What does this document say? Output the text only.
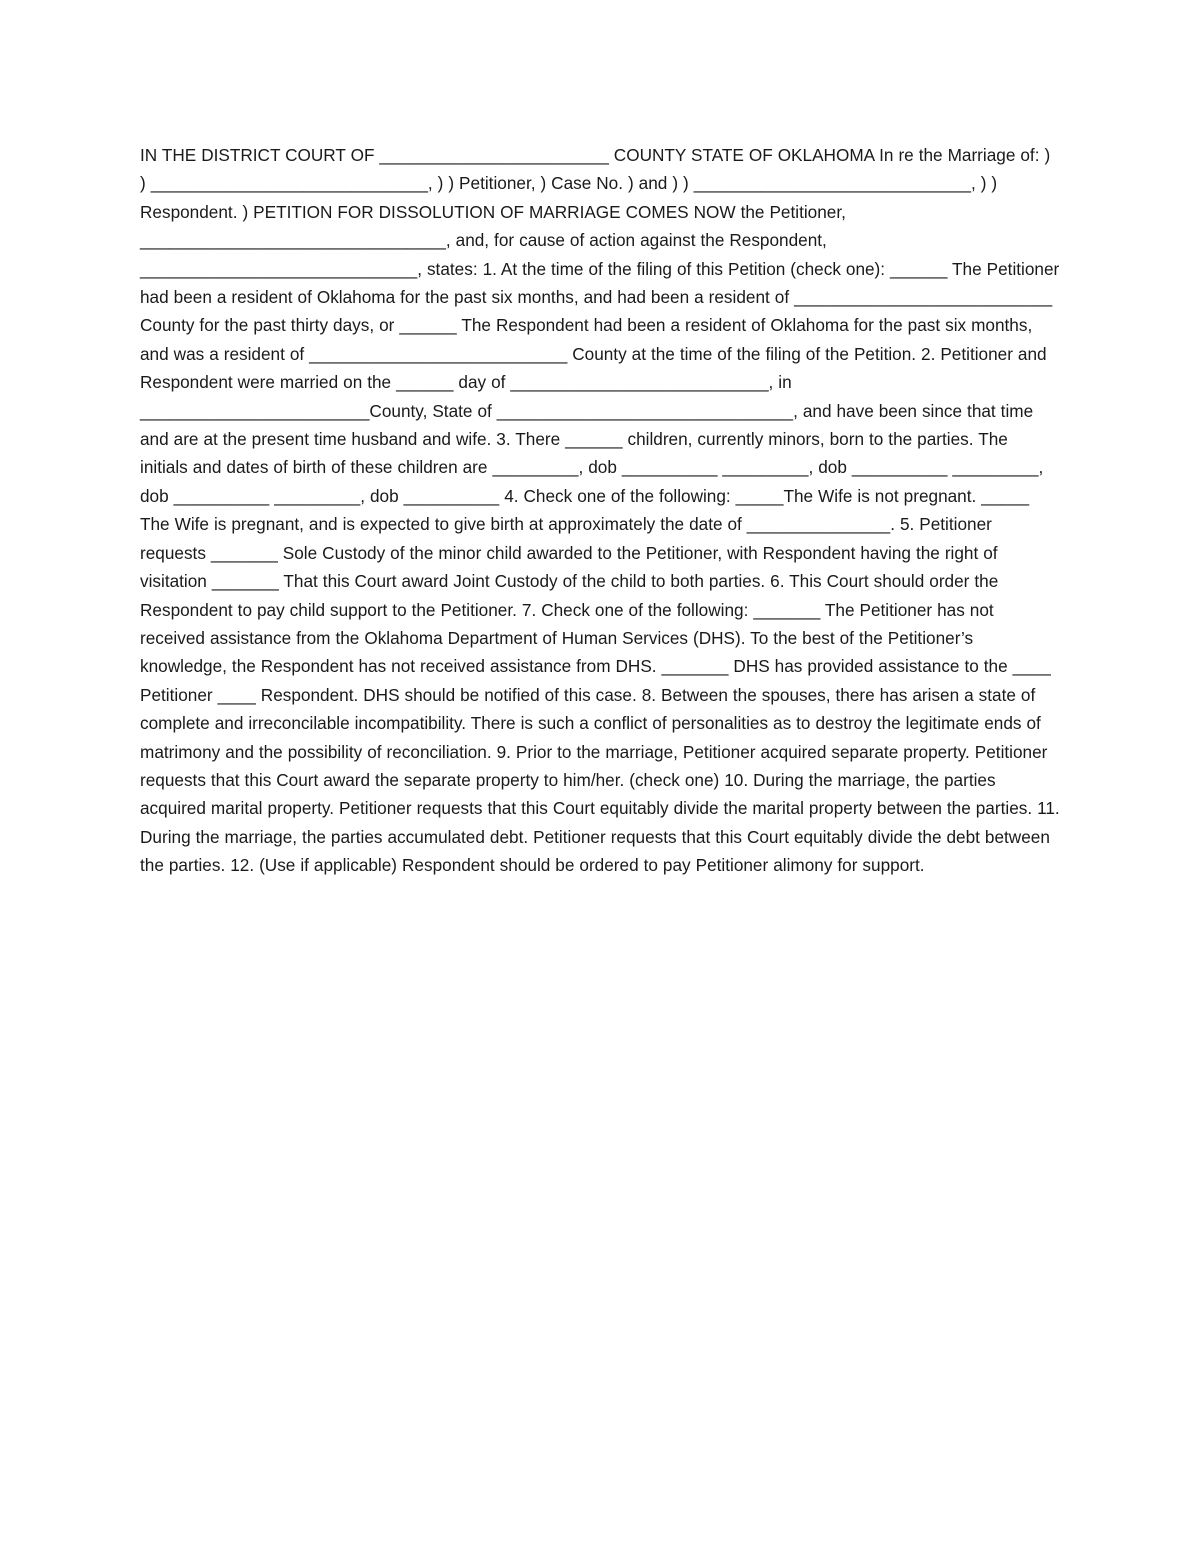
IN THE DISTRICT COURT OF ________________________ COUNTY STATE OF OKLAHOMA In re the Marriage of: ) ) _____________________________, ) ) Petitioner, ) Case No. ) and ) ) _____________________________, ) ) Respondent. ) PETITION FOR DISSOLUTION OF MARRIAGE COMES NOW the Petitioner, ________________________________, and, for cause of action against the Respondent, _____________________________, states: 1. At the time of the filing of this Petition (check one): ______ The Petitioner had been a resident of Oklahoma for the past six months, and had been a resident of ___________________________ County for the past thirty days, or ______ The Respondent had been a resident of Oklahoma for the past six months, and was a resident of ___________________________ County at the time of the filing of the Petition. 2. Petitioner and Respondent were married on the ______ day of ___________________________, in ________________________County, State of _______________________________, and have been since that time and are at the present time husband and wife. 3. There ______ children, currently minors, born to the parties. The initials and dates of birth of these children are _________, dob __________ _________, dob __________ _________, dob __________ _________, dob __________ 4. Check one of the following: _____The Wife is not pregnant. _____ The Wife is pregnant, and is expected to give birth at approximately the date of _______________. 5. Petitioner requests _______ Sole Custody of the minor child awarded to the Petitioner, with Respondent having the right of visitation _______ That this Court award Joint Custody of the child to both parties. 6. This Court should order the Respondent to pay child support to the Petitioner. 7. Check one of the following: _______ The Petitioner has not received assistance from the Oklahoma Department of Human Services (DHS). To the best of the Petitioner’s knowledge, the Respondent has not received assistance from DHS. _______ DHS has provided assistance to the ____ Petitioner ____ Respondent. DHS should be notified of this case. 8. Between the spouses, there has arisen a state of complete and irreconcilable incompatibility. There is such a conflict of personalities as to destroy the legitimate ends of matrimony and the possibility of reconciliation. 9. Prior to the marriage, Petitioner acquired separate property. Petitioner requests that this Court award the separate property to him/her. (check one) 10. During the marriage, the parties acquired marital property. Petitioner requests that this Court equitably divide the marital property between the parties. 11. During the marriage, the parties accumulated debt. Petitioner requests that this Court equitably divide the debt between the parties. 12. (Use if applicable) Respondent should be ordered to pay Petitioner alimony for support.
